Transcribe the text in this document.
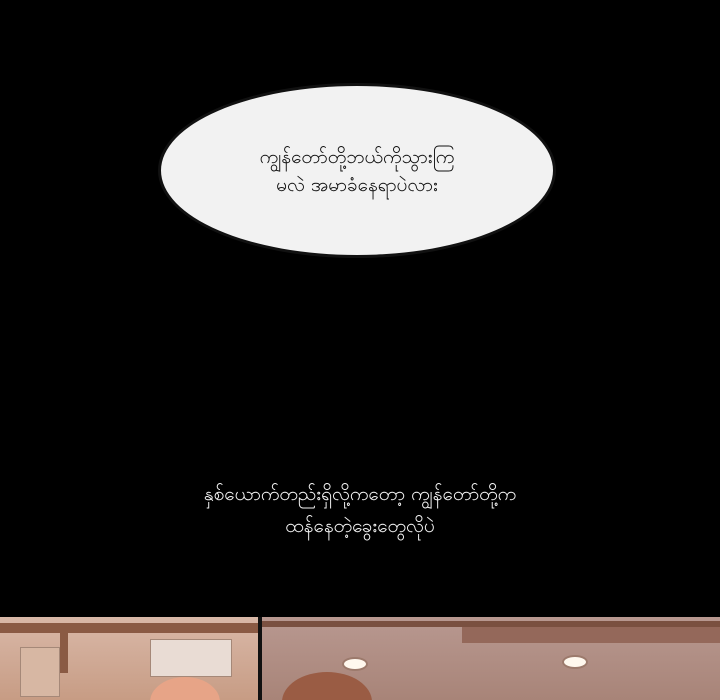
ကျွန်တော်တို့ဘယ်ကိုသွားကြ
မလဲ အမာခံနေရာပဲလား
နှစ်ယောက်တည်းရှိလို့ကတော့ ကျွန်တော်တို့က
ထန်နေတဲ့ခွေးတွေလိုပဲ
